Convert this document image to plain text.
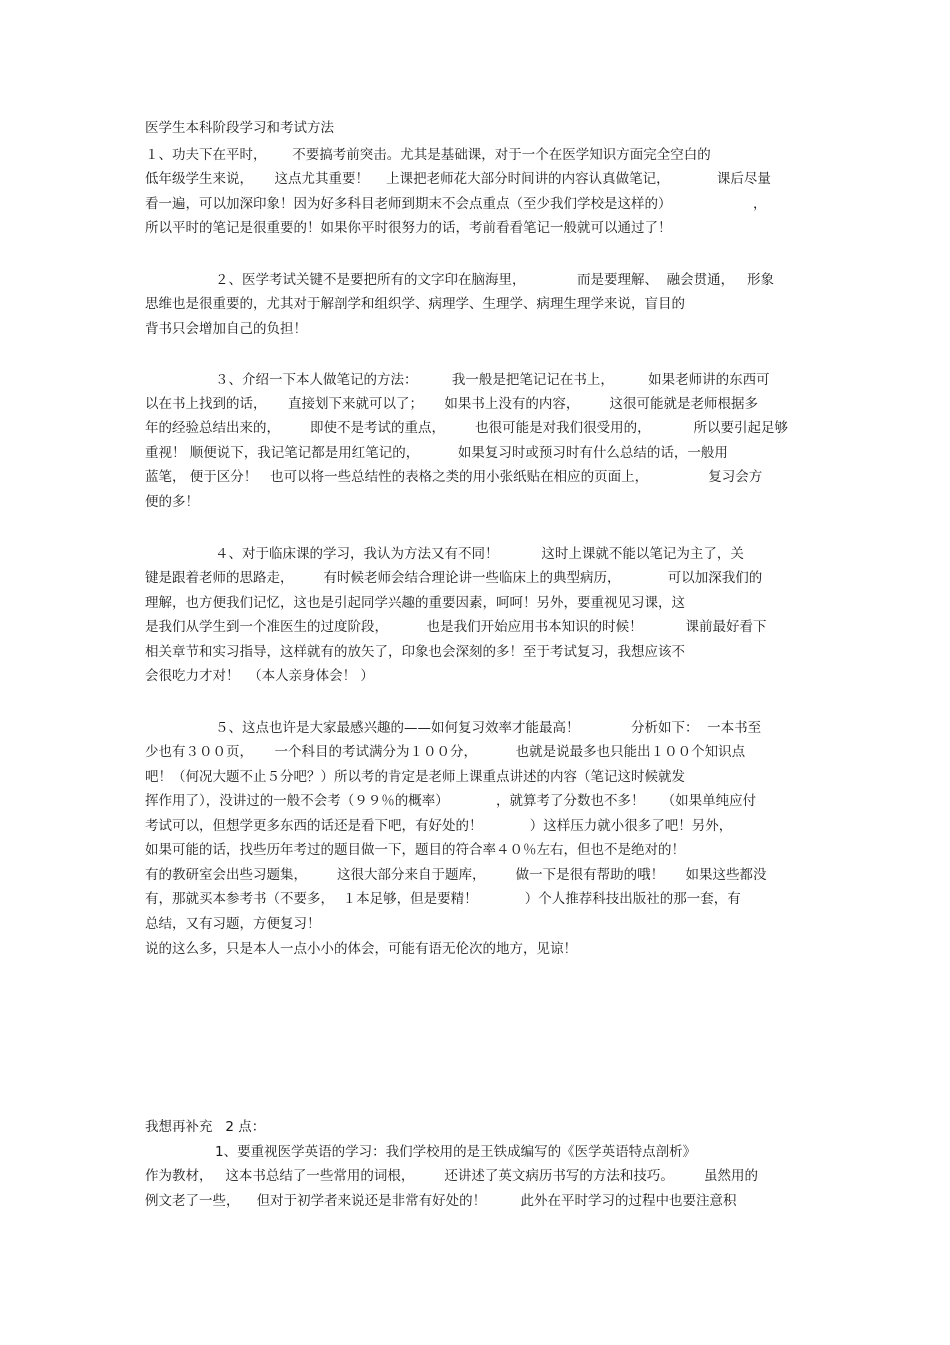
医学生本科阶段学习和考试方法
１、功夫下在平时，      不要搞考前突击。尤其是基础课，对于一个在医学知识方面完全空白的
低年级学生来说，     这点尤其重要！    上课把老师花大部分时间讲的内容认真做笔记，           课后尽量
看一遍，可以加深印象！因为好多科目老师到期末不会点重点（至少我们学校是这样的）                   ，
所以平时的笔记是很重要的！如果你平时很努力的话，考前看看笔记一般就可以通过了！
２、医学考试关键不是要把所有的文字印在脑海里，            而是要理解、  融会贯通，   形象
思维也是很重要的，尤其对于解剖学和组织学、病理学、生理学、病理生理学来说，盲目的
背书只会增加自己的负担！
３、介绍一下本人做笔记的方法：        我一般是把笔记记在书上，        如果老师讲的东西可
以在书上找到的话，     直接划下来就可以了；     如果书上没有的内容，       这很可能就是老师根据多
年的经验总结出来的，       即使不是考试的重点，       也很可能是对我们很受用的，          所以要引起足够
重视！ 顺便说下，我记笔记都是用红笔记的，         如果复习时或预习时有什么总结的话，一般用
蓝笔， 便于区分！   也可以将一些总结性的表格之类的用小张纸贴在相应的页面上，              复习会方
便的多！
４、对于临床课的学习，我认为方法又有不同！          这时上课就不能以笔记为主了，关
键是跟着老师的思路走，       有时候老师会结合理论讲一些临床上的典型病历，           可以加深我们的
理解，也方便我们记忆，这也是引起同学兴趣的重要因素，呵呵！另外，要重视见习课，这
是我们从学生到一个准医生的过度阶段，         也是我们开始应用书本知识的时候！          课前最好看下
相关章节和实习指导，这样就有的放矢了，印象也会深刻的多！至于考试复习，我想应该不
会很吃力才对！  （本人亲身体会！ ）
５、这点也许是大家最感兴趣的——如何复习效率才能最高！            分析如下：  一本书至
少也有３００页，     一个科目的考试满分为１００分，         也就是说最多也只能出１００个知识点
吧！（何况大题不止５分吧？）所以考的肯定是老师上课重点讲述的内容（笔记这时候就发
挥作用了），没讲过的一般不会考（９９％的概率）           ，就算考了分数也不多！    （如果单纯应付
考试可以，但想学更多东西的话还是看下吧，有好处的！           ）这样压力就小很多了吧！另外，
如果可能的话，找些历年考过的题目做一下，题目的符合率４０％左右，但也不是绝对的！
有的教研室会出些习题集，       这很大部分来自于题库，       做一下是很有帮助的哦！     如果这些都没
有，那就买本参考书（不要多，  １本足够，但是要精！           ）个人推荐科技出版社的那一套，有
总结，又有习题，方便复习！
说的这么多，只是本人一点小小的体会，可能有语无伦次的地方，见谅！
我想再补充   2 点：
1、要重视医学英语的学习：我们学校用的是王铁成编写的《医学英语特点剖析》
作为教材，   这本书总结了一些常用的词根，       还讲述了英文病历书写的方法和技巧。       虽然用的
例文老了一些，    但对于初学者来说还是非常有好处的！        此外在平时学习的过程中也要注意积
